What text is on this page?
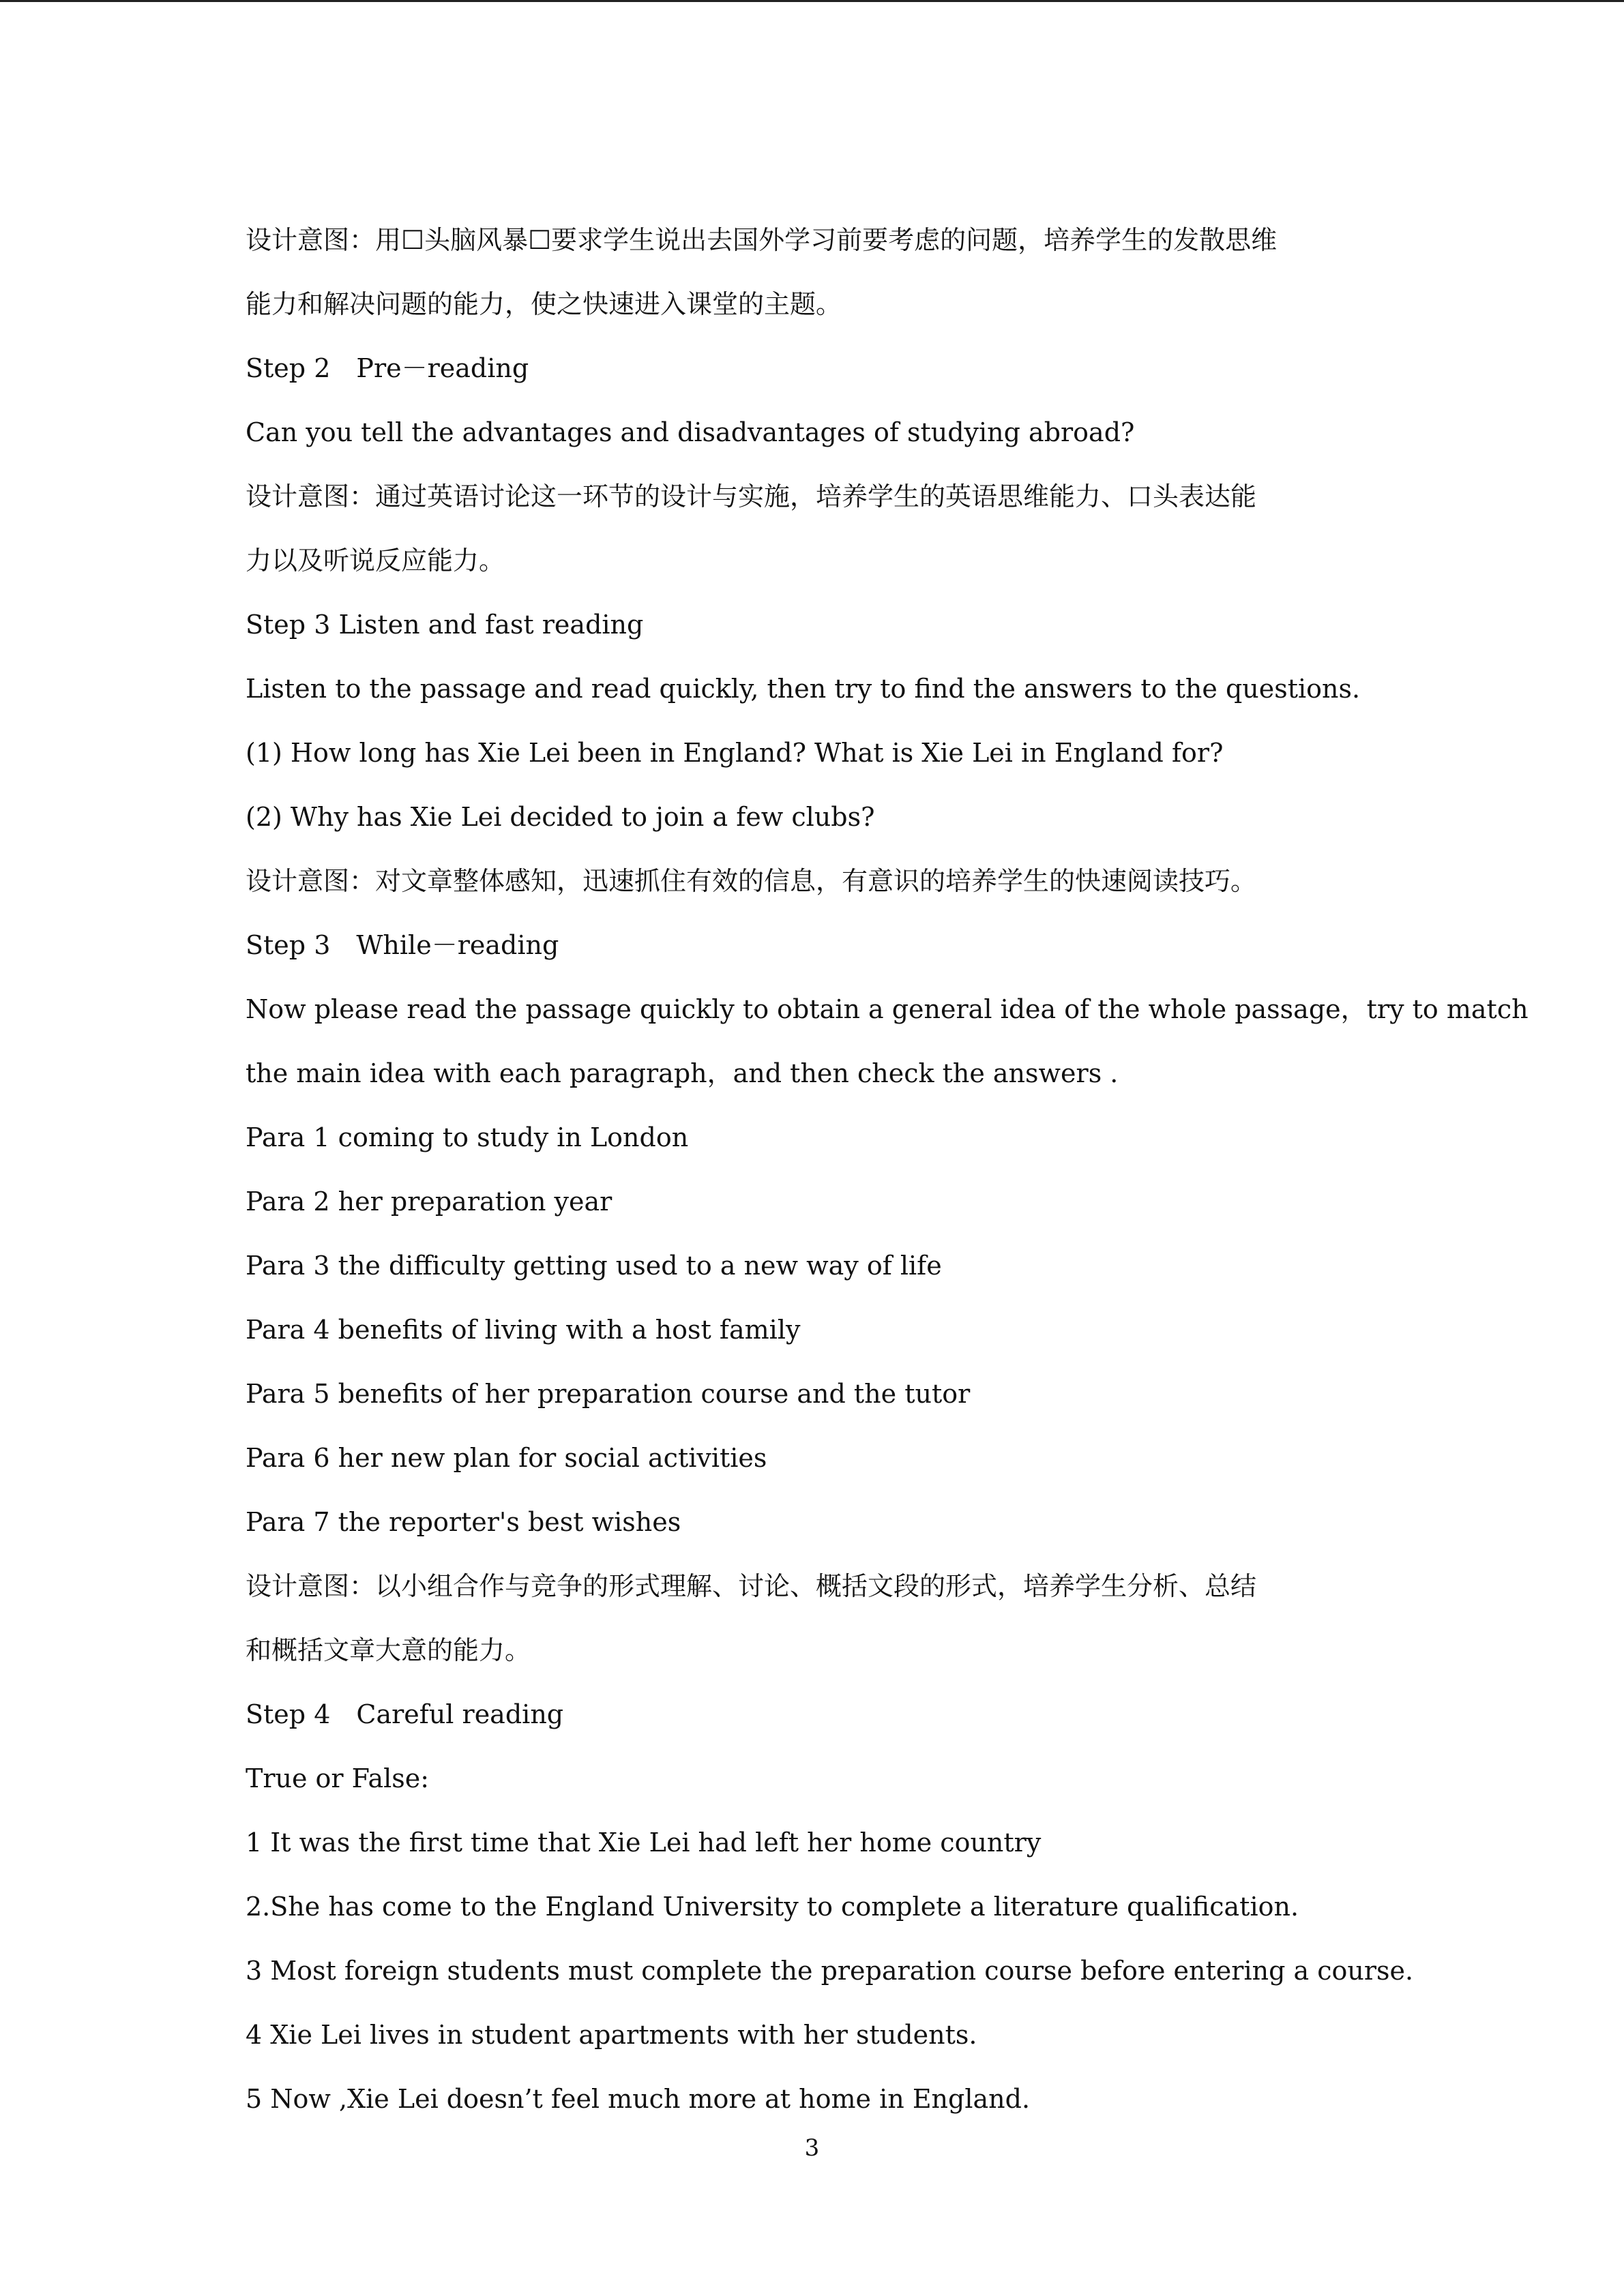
设计意图：用☐头脑风暴☐要求学生说出去国外学习前要考虑的问题，培养学生的发散思维

能力和解决问题的能力，使之快速进入课堂的主题。

Step 2　Pre－reading

Can you tell the advantages and disadvantages of studying abroad?

设计意图：通过英语讨论这一环节的设计与实施，培养学生的英语思维能力、口头表达能

力以及听说反应能力。

Step 3 Listen and fast reading

Listen to the passage and read quickly, then try to find the answers to the questions.

(1) How long has Xie Lei been in England? What is Xie Lei in England for?

(2) Why has Xie Lei decided to join a few clubs?

设计意图：对文章整体感知，迅速抓住有效的信息，有意识的培养学生的快速阅读技巧。

Step 3　While－reading

Now please read the passage quickly to obtain a general idea of the whole passage，try to match

the main idea with each paragraph，and then check the answers .

Para 1 coming to study in London

Para 2 her preparation year

Para 3 the difficulty getting used to a new way of life

Para 4 benefits of living with a host family

Para 5 benefits of her preparation course and the tutor

Para 6 her new plan for social activities

Para 7 the reporter's best wishes

设计意图：以小组合作与竞争的形式理解、讨论、概括文段的形式，培养学生分析、总结

和概括文章大意的能力。

Step 4　Careful reading

True or False:

1 It was the first time that Xie Lei had left her home country

2.She has come to the England University to complete a literature qualification.

3 Most foreign students must complete the preparation course before entering a course.

4 Xie Lei lives in student apartments with her students.

5 Now ,Xie Lei doesn’t feel much more at home in England.

3
